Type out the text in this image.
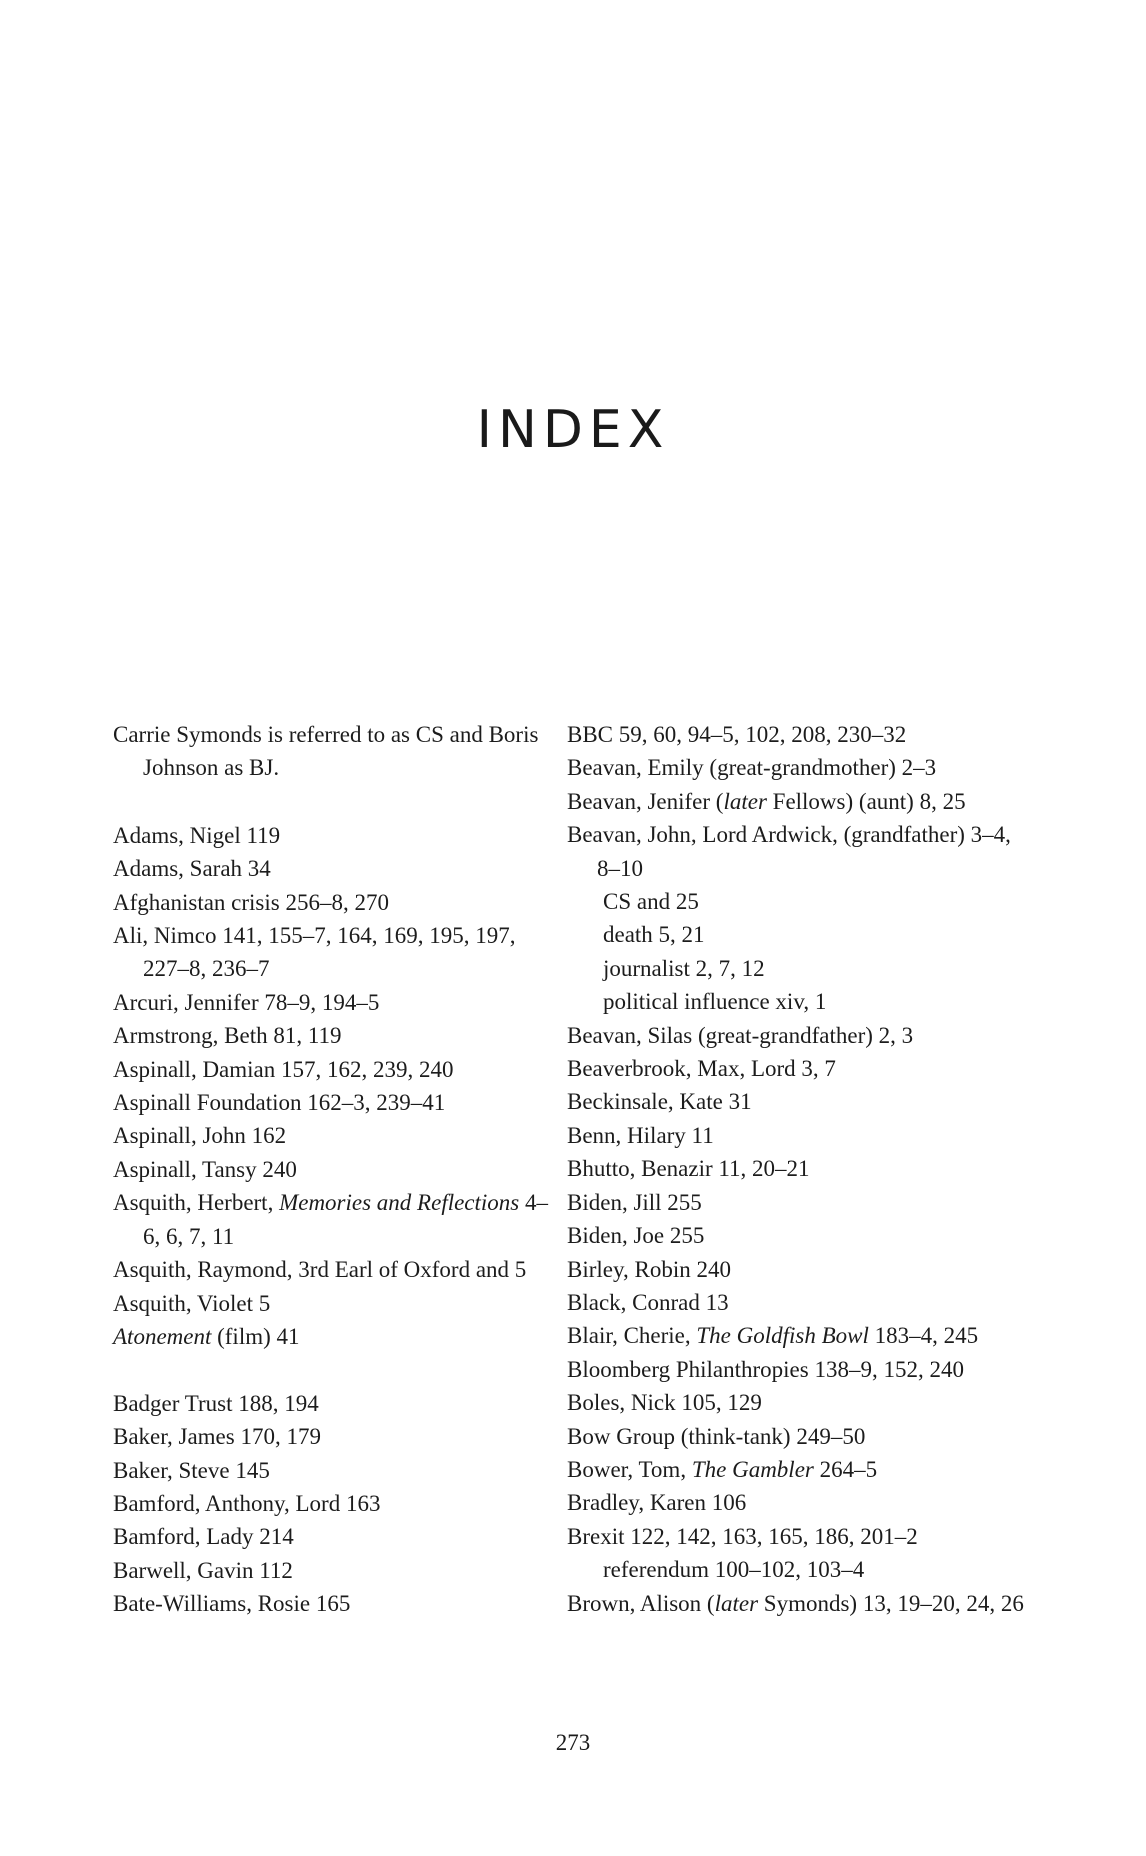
INDEX

Carrie Symonds is referred to as CS and Boris Johnson as BJ.

Adams, Nigel 119

Adams, Sarah 34

Afghanistan crisis 256–8, 270

Ali, Nimco 141, 155–7, 164, 169, 195, 197, 227–8, 236–7

Arcuri, Jennifer 78–9, 194–5

Armstrong, Beth 81, 119

Aspinall, Damian 157, 162, 239, 240

Aspinall Foundation 162–3, 239–41

Aspinall, John 162

Aspinall, Tansy 240

Asquith, Herbert, Memories and Reflections 4–6, 6, 7, 11

Asquith, Raymond, 3rd Earl of Oxford and 5

Asquith, Violet 5

Atonement (film) 41

Badger Trust 188, 194

Baker, James 170, 179

Baker, Steve 145

Bamford, Anthony, Lord 163

Bamford, Lady 214

Barwell, Gavin 112

Bate-Williams, Rosie 165

BBC 59, 60, 94–5, 102, 208, 230–32

Beavan, Emily (great-grandmother) 2–3

Beavan, Jenifer (later Fellows) (aunt) 8, 25

Beavan, John, Lord Ardwick, (grandfather) 3–4, 8–10

CS and 25

death 5, 21

journalist 2, 7, 12

political influence xiv, 1

Beavan, Silas (great-grandfather) 2, 3

Beaverbrook, Max, Lord 3, 7

Beckinsale, Kate 31

Benn, Hilary 11

Bhutto, Benazir 11, 20–21

Biden, Jill 255

Biden, Joe 255

Birley, Robin 240

Black, Conrad 13

Blair, Cherie, The Goldfish Bowl 183–4, 245

Bloomberg Philanthropies 138–9, 152, 240

Boles, Nick 105, 129

Bow Group (think-tank) 249–50

Bower, Tom, The Gambler 264–5

Bradley, Karen 106

Brexit 122, 142, 163, 165, 186, 201–2

referendum 100–102, 103–4

Brown, Alison (later Symonds) 13, 19–20, 24, 26

273
